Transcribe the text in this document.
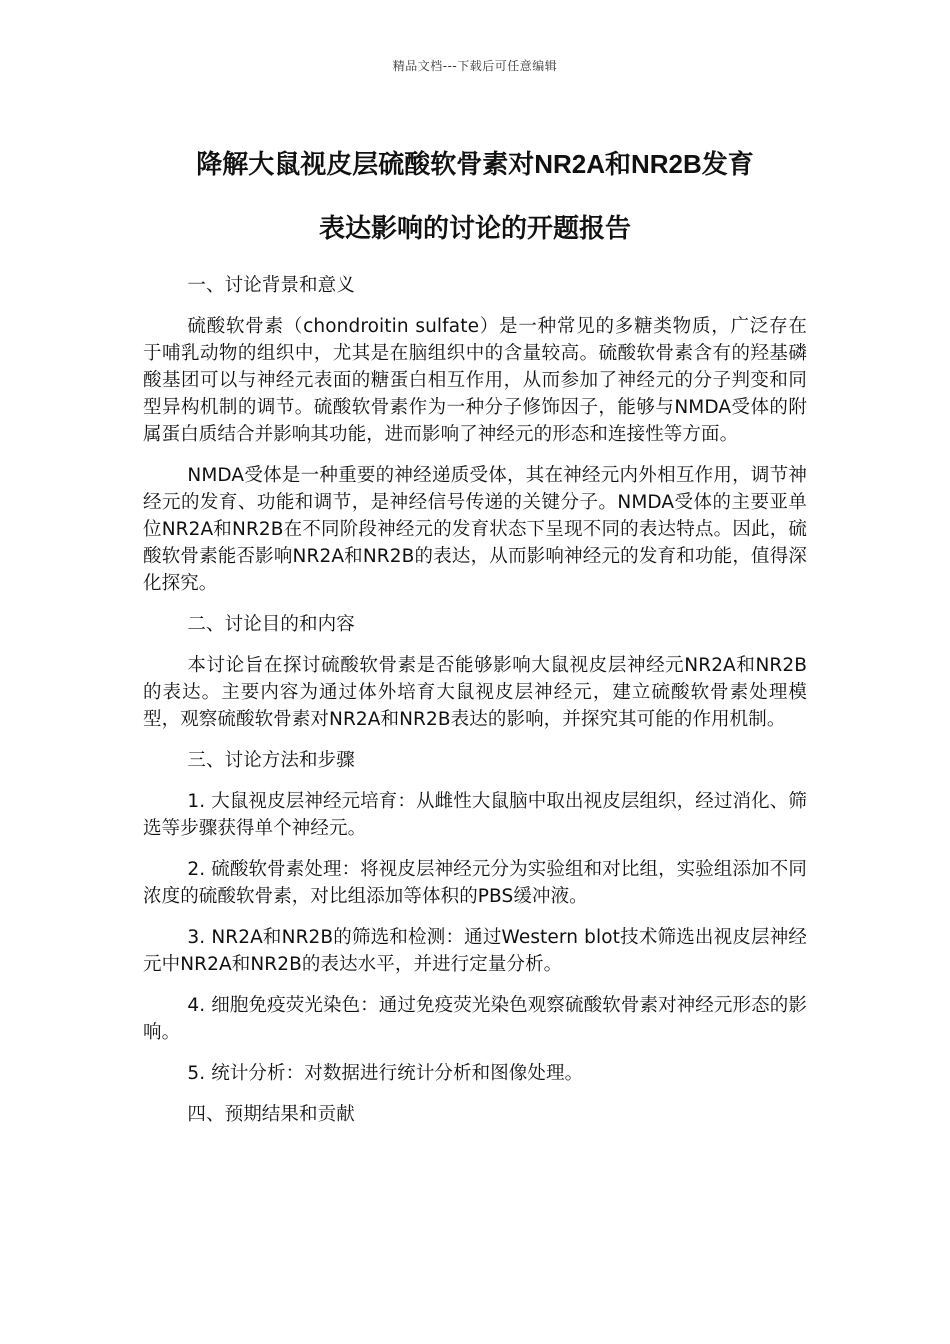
精品文档---下载后可任意编辑
降解大鼠视皮层硫酸软骨素对NR2A和NR2B发育
表达影响的讨论的开题报告

一、讨论背景和意义

硫酸软骨素（chondroitin sulfate）是一种常见的多糖类物质，广泛存在于哺乳动物的组织中，尤其是在脑组织中的含量较高。硫酸软骨素含有的羟基磷酸基团可以与神经元表面的糖蛋白相互作用，从而参加了神经元的分子判变和同型异构机制的调节。硫酸软骨素作为一种分子修饰因子，能够与NMDA受体的附属蛋白质结合并影响其功能，进而影响了神经元的形态和连接性等方面。

NMDA受体是一种重要的神经递质受体，其在神经元内外相互作用，调节神经元的发育、功能和调节，是神经信号传递的关键分子。NMDA受体的主要亚单位NR2A和NR2B在不同阶段神经元的发育状态下呈现不同的表达特点。因此，硫酸软骨素能否影响NR2A和NR2B的表达，从而影响神经元的发育和功能，值得深化探究。

二、讨论目的和内容

本讨论旨在探讨硫酸软骨素是否能够影响大鼠视皮层神经元NR2A和NR2B的表达。主要内容为通过体外培育大鼠视皮层神经元，建立硫酸软骨素处理模型，观察硫酸软骨素对NR2A和NR2B表达的影响，并探究其可能的作用机制。

三、讨论方法和步骤

1. 大鼠视皮层神经元培育：从雌性大鼠脑中取出视皮层组织，经过消化、筛选等步骤获得单个神经元。

2. 硫酸软骨素处理：将视皮层神经元分为实验组和对比组，实验组添加不同浓度的硫酸软骨素，对比组添加等体积的PBS缓冲液。

3. NR2A和NR2B的筛选和检测：通过Western blot技术筛选出视皮层神经元中NR2A和NR2B的表达水平，并进行定量分析。

4. 细胞免疫荧光染色：通过免疫荧光染色观察硫酸软骨素对神经元形态的影响。

5. 统计分析：对数据进行统计分析和图像处理。

四、预期结果和贡献
